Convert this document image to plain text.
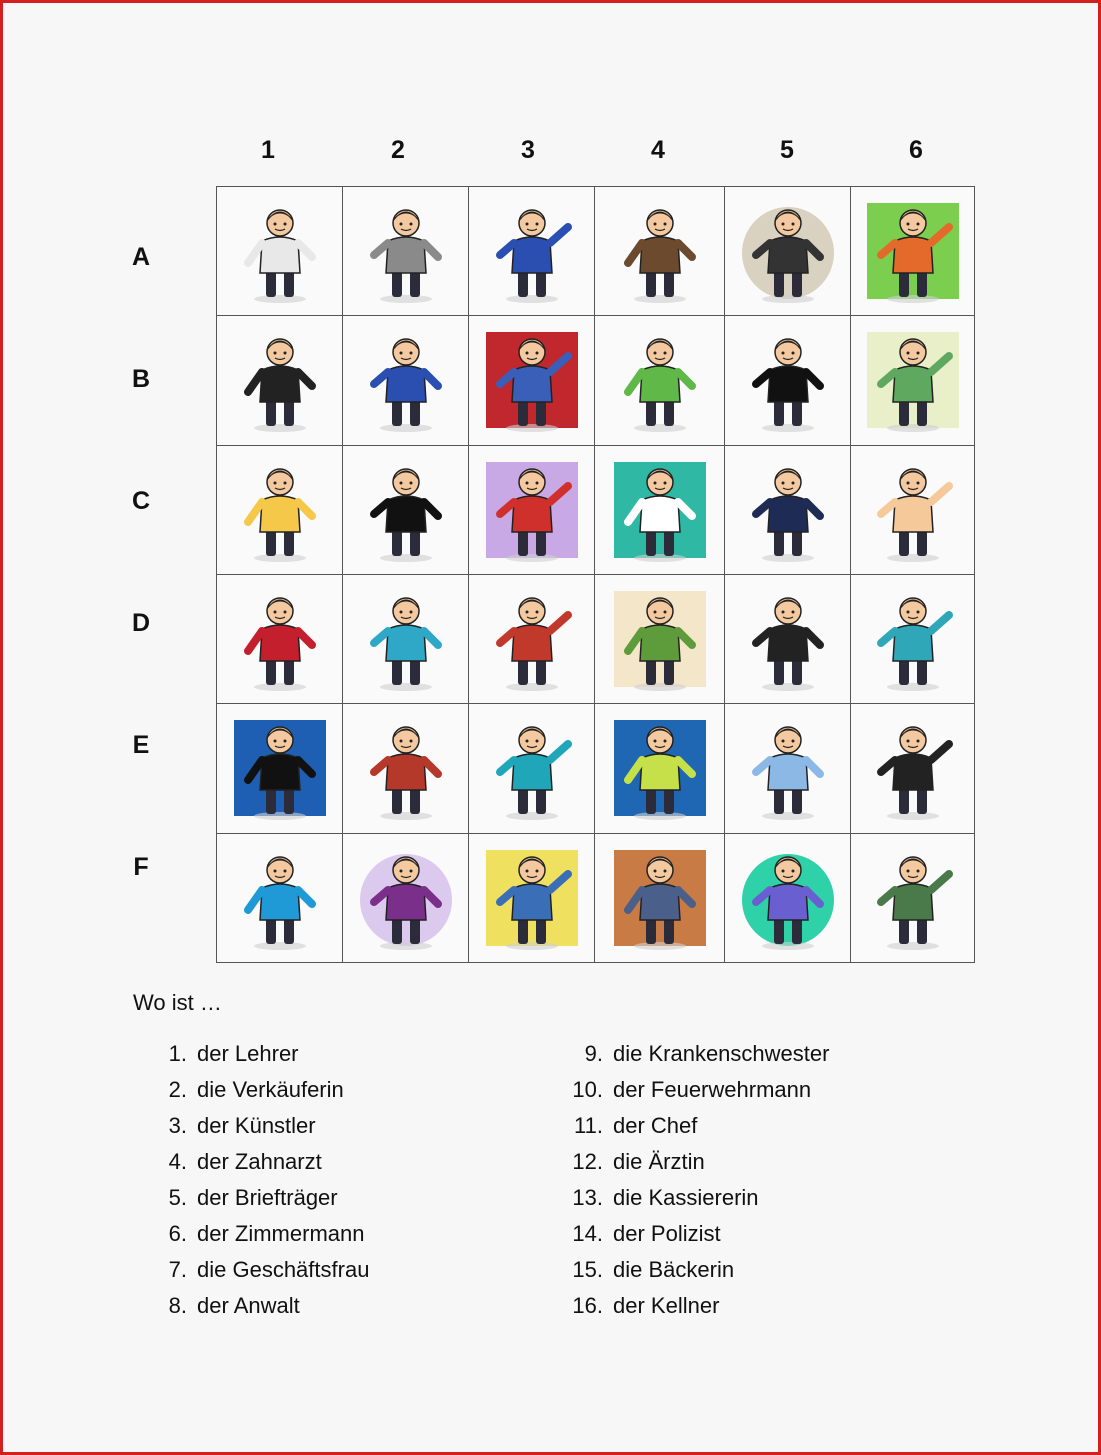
1	2	3	4	5	6
A
B
C
D
E
F
Wo ist …
1. der Lehrer
2. die Verkäuferin
3. der Künstler
4. der Zahnarzt
5. der Briefträger
6. der Zimmermann
7. die Geschäftsfrau
8. der Anwalt
9. die Krankenschwester
10. der Feuerwehrmann
11. der Chef
12. die Ärztin
13. die Kassiererin
14. der Polizist
15. die Bäckerin
16. der Kellner
